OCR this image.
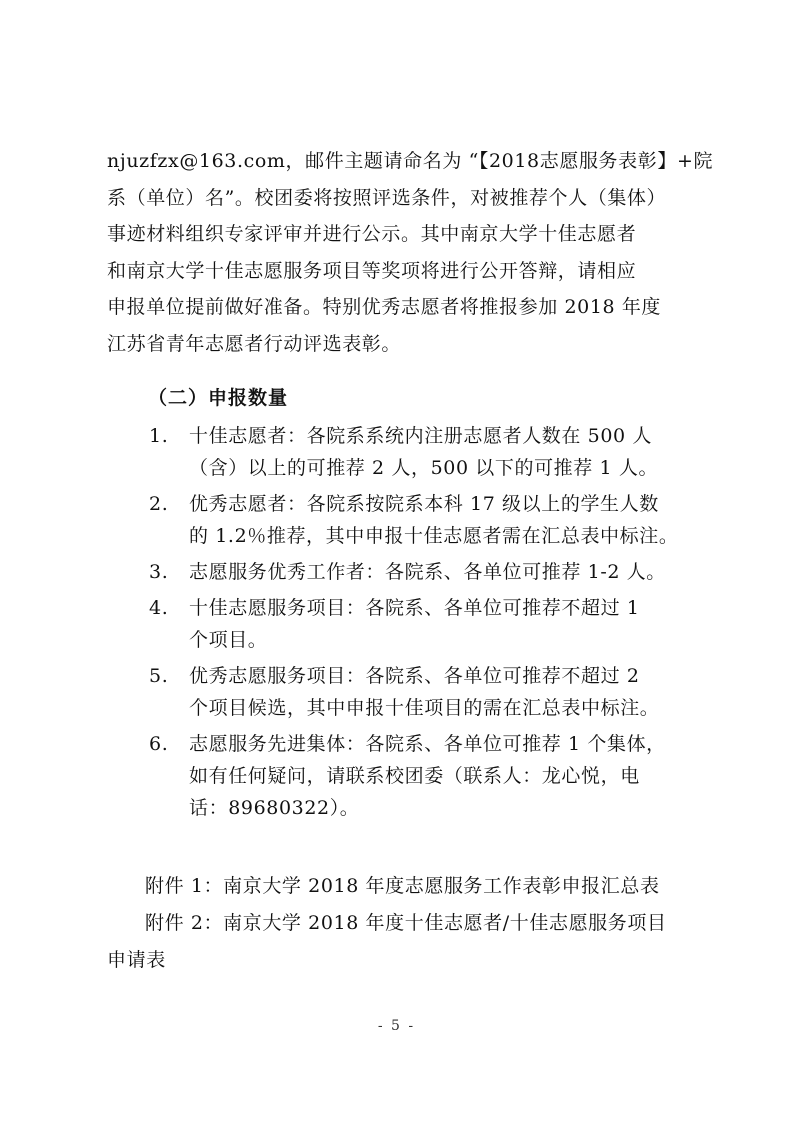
njuzfzx@163.com，邮件主题请命名为 “【2018志愿服务表彰】+院
系（单位）名”。校团委将按照评选条件，对被推荐个人（集体）
事迹材料组织专家评审并进行公示。其中南京大学十佳志愿者
和南京大学十佳志愿服务项目等奖项将进行公开答辩，请相应
申报单位提前做好准备。特别优秀志愿者将推报参加 2018 年度
江苏省青年志愿者行动评选表彰。
（二）申报数量
1. 十佳志愿者：各院系系统内注册志愿者人数在 500 人
（含）以上的可推荐 2 人，500 以下的可推荐 1 人。
2. 优秀志愿者：各院系按院系本科 17 级以上的学生人数
的 1.2％推荐，其中申报十佳志愿者需在汇总表中标注。
3. 志愿服务优秀工作者：各院系、各单位可推荐 1-2 人。
4. 十佳志愿服务项目：各院系、各单位可推荐不超过 1
个项目。
5. 优秀志愿服务项目：各院系、各单位可推荐不超过 2
个项目候选，其中申报十佳项目的需在汇总表中标注。
6. 志愿服务先进集体：各院系、各单位可推荐 1 个集体，
如有任何疑问，请联系校团委（联系人：龙心悦，电
话：89680322）。
附件 1：南京大学 2018 年度志愿服务工作表彰申报汇总表
附件 2：南京大学 2018 年度十佳志愿者/十佳志愿服务项目
申请表
- 5 -
